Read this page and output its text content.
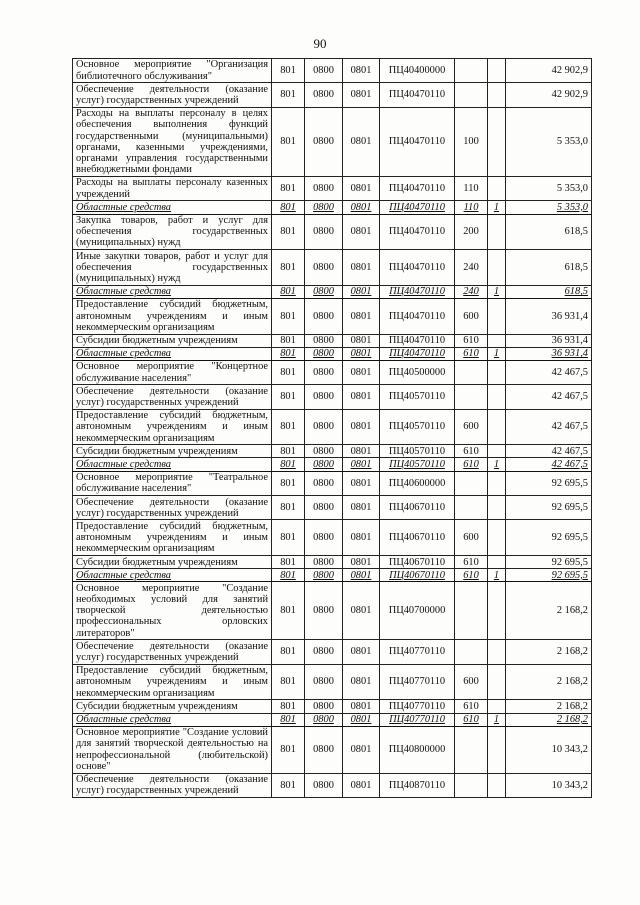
90
Основное мероприятие "Организация библиотечного обслуживания"	801	0800	0801	ПЦ40400000			42 902,9
Обеспечение деятельности (оказание услуг) государственных учреждений	801	0800	0801	ПЦ40470110			42 902,9
Расходы на выплаты персоналу в целях обеспечения выполнения функций государственными (муниципальными) органами, казенными учреждениями, органами управления государственными внебюджетными фондами	801	0800	0801	ПЦ40470110	100		5 353,0
Расходы на выплаты персоналу казенных учреждений	801	0800	0801	ПЦ40470110	110		5 353,0
Областные средства	801	0800	0801	ПЦ40470110	110	1	5 353,0
Закупка товаров, работ и услуг для обеспечения государственных (муниципальных) нужд	801	0800	0801	ПЦ40470110	200		618,5
Иные закупки товаров, работ и услуг для обеспечения государственных (муниципальных) нужд	801	0800	0801	ПЦ40470110	240		618,5
Областные средства	801	0800	0801	ПЦ40470110	240	1	618,5
Предоставление субсидий бюджетным, автономным учреждениям и иным некоммерческим организациям	801	0800	0801	ПЦ40470110	600		36 931,4
Субсидии бюджетным учреждениям	801	0800	0801	ПЦ40470110	610		36 931,4
Областные средства	801	0800	0801	ПЦ40470110	610	1	36 931,4
Основное мероприятие "Концертное обслуживание населения"	801	0800	0801	ПЦ40500000			42 467,5
Обеспечение деятельности (оказание услуг) государственных учреждений	801	0800	0801	ПЦ40570110			42 467,5
Предоставление субсидий бюджетным, автономным учреждениям и иным некоммерческим организациям	801	0800	0801	ПЦ40570110	600		42 467,5
Субсидии бюджетным учреждениям	801	0800	0801	ПЦ40570110	610		42 467,5
Областные средства	801	0800	0801	ПЦ40570110	610	1	42 467,5
Основное мероприятие "Театральное обслуживание населения"	801	0800	0801	ПЦ40600000			92 695,5
Обеспечение деятельности (оказание услуг) государственных учреждений	801	0800	0801	ПЦ40670110			92 695,5
Предоставление субсидий бюджетным, автономным учреждениям и иным некоммерческим организациям	801	0800	0801	ПЦ40670110	600		92 695,5
Субсидии бюджетным учреждениям	801	0800	0801	ПЦ40670110	610		92 695,5
Областные средства	801	0800	0801	ПЦ40670110	610	1	92 695,5
Основное мероприятие "Создание необходимых условий для занятий творческой деятельностью профессиональных орловских литераторов"	801	0800	0801	ПЦ40700000			2 168,2
Обеспечение деятельности (оказание услуг) государственных учреждений	801	0800	0801	ПЦ40770110			2 168,2
Предоставление субсидий бюджетным, автономным учреждениям и иным некоммерческим организациям	801	0800	0801	ПЦ40770110	600		2 168,2
Субсидии бюджетным учреждениям	801	0800	0801	ПЦ40770110	610		2 168,2
Областные средства	801	0800	0801	ПЦ40770110	610	1	2 168,2
Основное мероприятие "Создание условий для занятий творческой деятельностью на непрофессиональной (любительской) основе"	801	0800	0801	ПЦ40800000			10 343,2
Обеспечение деятельности (оказание услуг) государственных учреждений	801	0800	0801	ПЦ40870110			10 343,2
